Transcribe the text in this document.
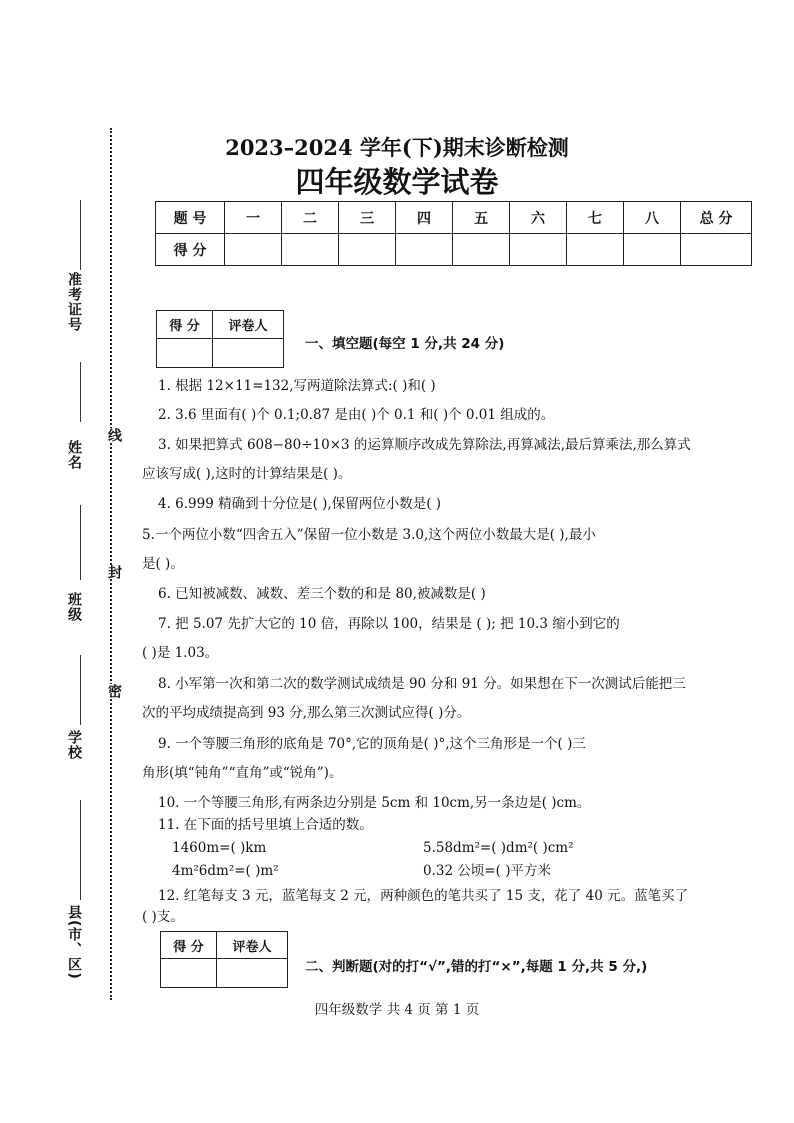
准考证号
姓名
班级
学校
县(市、区)
线
封
密
2023–2024 学年(下)期末诊断检测
四年级数学试卷
题 号	一	二	三	四	五	六	七	八	总 分
得 分									
得 分	评卷人

一、填空题(每空 1 分,共 24 分)
1. 根据 12×11=132,写两道除法算式:( )和( )
2. 3.6 里面有( )个 0.1;0.87 是由( )个 0.1 和( )个 0.01 组成的。
3. 如果把算式 608−80÷10×3 的运算顺序改成先算除法,再算减法,最后算乘法,那么算式
应该写成( ),这时的计算结果是( )。
4. 6.999 精确到十分位是( ),保留两位小数是( )
5.一个两位小数“四舍五入”保留一位小数是 3.0,这个两位小数最大是( ),最小
是( )。
6. 已知被减数、减数、差三个数的和是 80,被减数是( )
7. 把 5.07 先扩大它的 10 倍，再除以 100，结果是 ( ); 把 10.3 缩小到它的
( )是 1.03。
8. 小军第一次和第二次的数学测试成绩是 90 分和 91 分。如果想在下一次测试后能把三
次的平均成绩提高到 93 分,那么第三次测试应得( )分。
9. 一个等腰三角形的底角是 70°,它的顶角是( )°,这个三角形是一个( )三
角形(填“钝角”“直角”或“锐角”)。
10. 一个等腰三角形,有两条边分别是 5cm 和 10cm,另一条边是( )cm。
11. 在下面的括号里填上合适的数。
1460m=( )km	5.58dm²=( )dm²( )cm²
4m²6dm²=( )m²	0.32 公顷=( )平方米
12. 红笔每支 3 元，蓝笔每支 2 元，两种颜色的笔共买了 15 支，花了 40 元。蓝笔买了
( )支。
得 分	评卷人

二、判断题(对的打“√”,错的打“×”,每题 1 分,共 5 分,)
四年级数学 共 4 页 第 1 页
